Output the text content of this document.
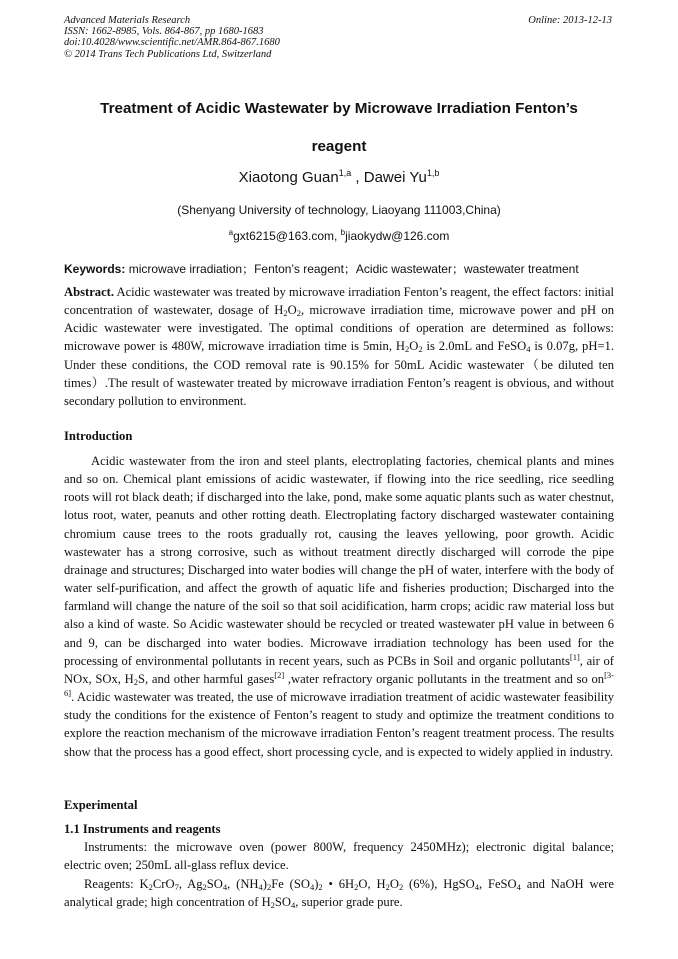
Advanced Materials Research
ISSN: 1662-8985, Vols. 864-867, pp 1680-1683
doi:10.4028/www.scientific.net/AMR.864-867.1680
© 2014 Trans Tech Publications Ltd, Switzerland
Online: 2013-12-13
Treatment of Acidic Wastewater by Microwave Irradiation Fenton’s
reagent
Xiaotong Guan$^{1,a}$ , Dawei Yu$^{1,b}$
(Shenyang University of technology, Liaoyang 111003,China)
$^a$gxt6215@163.com, $^b$jiaokydw@126.com
Keywords: microwave irradiation；Fenton’s reagent；Acidic wastewater；wastewater treatment
Abstract. Acidic wastewater was treated by microwave irradiation Fenton’s reagent, the effect factors: initial concentration of wastewater, dosage of $H_2O_2$, microwave irradiation time, microwave power and pH on Acidic wastewater were investigated. The optimal conditions of operation are determined as follows: microwave power is 480W, microwave irradiation time is 5min, $H_2O_2$ is 2.0mL and FeSO$_4$ is 0.07g, pH=1. Under these conditions, the COD removal rate is 90.15% for 50mL Acidic wastewater（be diluted ten times）.The result of wastewater treated by microwave irradiation Fenton’s reagent is obvious, and without secondary pollution to environment.
Introduction
Acidic wastewater from the iron and steel plants, electroplating factories, chemical plants and mines and so on. Chemical plant emissions of acidic wastewater, if flowing into the rice seedling, rice seedling roots will rot black death; if discharged into the lake, pond, make some aquatic plants such as water chestnut, lotus root, water, peanuts and other rotting death. Electroplating factory discharged wastewater containing chromium cause trees to the roots gradually rot, causing the leaves yellowing, poor growth. Acidic wastewater has a strong corrosive, such as without treatment directly discharged will corrode the pipe drainage and structures; Discharged into water bodies will change the pH of water, interfere with the body of water self-purification, and affect the growth of aquatic life and fisheries production; Discharged into the farmland will change the nature of the soil so that soil acidification, harm crops; acidic raw material loss but also a kind of waste. So Acidic wastewater should be recycled or treated wastewater pH value in between 6 and 9, can be discharged into water bodies. Microwave irradiation technology has been used for the processing of environmental pollutants in recent years, such as PCBs in Soil and organic pollutants[1], air of NOx, SOx, $H_2S$, and other harmful gases[2] ,water refractory organic pollutants in the treatment and so on[3-6]. Acidic wastewater was treated, the use of microwave irradiation treatment of acidic wastewater feasibility study the conditions for the existence of Fenton’s reagent to study and optimize the treatment conditions to explore the reaction mechanism of the microwave irradiation Fenton’s reagent treatment process. The results show that the process has a good effect, short processing cycle, and is expected to widely applied in industry.
Experimental
1.1 Instruments and reagents
Instruments: the microwave oven (power 800W, frequency 2450MHz); electronic digital balance; electric oven; 250mL all-glass reflux device.
Reagents: $K_2CrO_7$, $Ag_2SO_4$, $(NH_4)_2Fe$ $(SO_4)_2$ • $6H_2O$, $H_2O_2$ (6%), HgSO$_4$, FeSO$_4$ and NaOH were analytical grade; high concentration of $H_2SO_4$, superior grade pure.
